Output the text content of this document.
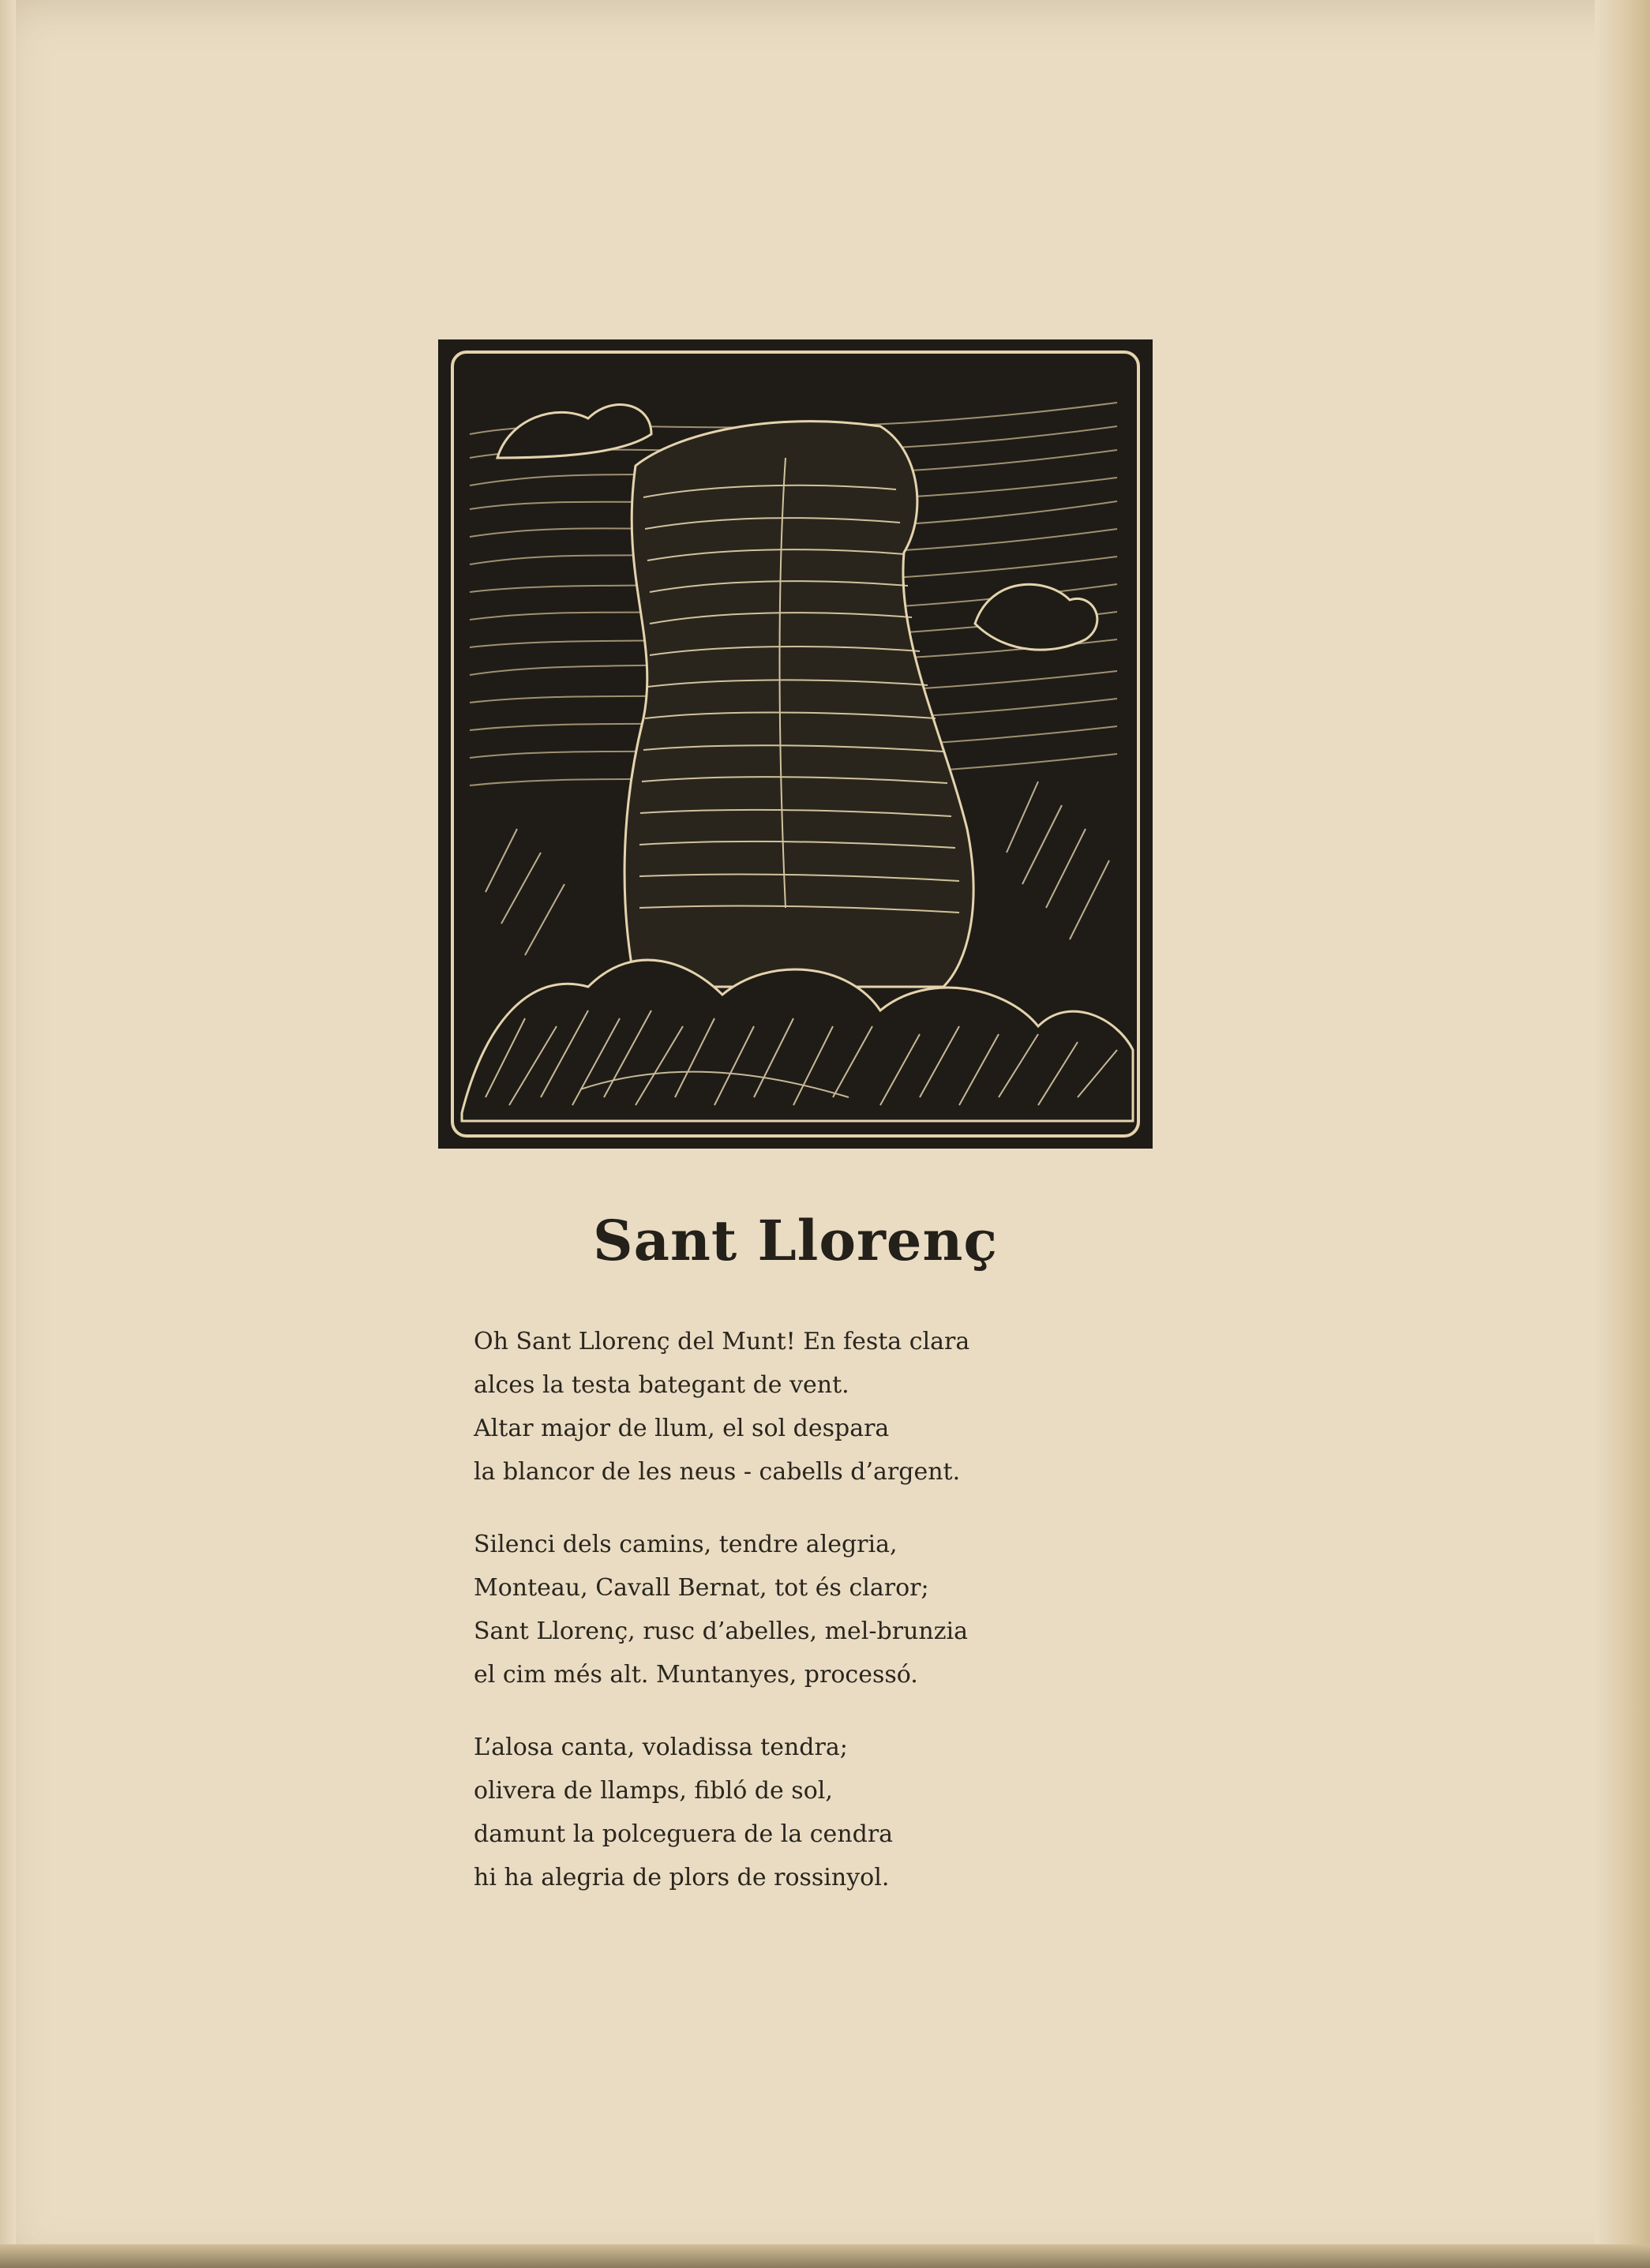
Sant Llorenç
Oh Sant Llorenç del Munt! En festa clara
alces la testa bategant de vent.
Altar major de llum, el sol despara
la blancor de les neus - cabells d’argent.
Silenci dels camins, tendre alegria,
Monteau, Cavall Bernat, tot és claror;
Sant Llorenç, rusc d’abelles, mel-brunzia
el cim més alt. Muntanyes, processó.
L’alosa canta, voladissa tendra;
olivera de llamps, fibló de sol,
damunt la polceguera de la cendra
hi ha alegria de plors de rossinyol.
